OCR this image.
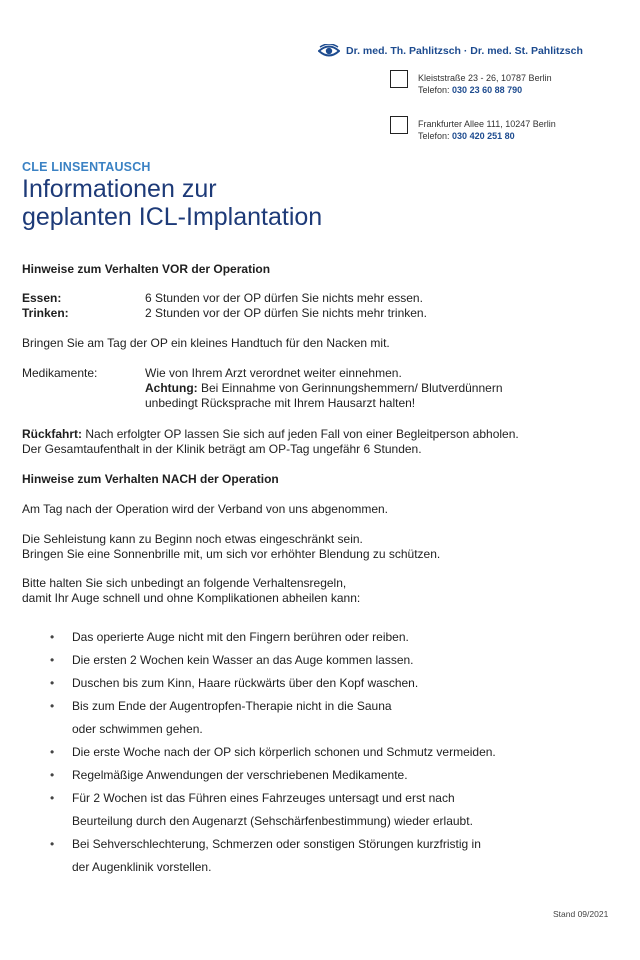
Dr. med. Th. Pahlitzsch · Dr. med. St. Pahlitzsch
Kleiststraße 23 - 26, 10787 Berlin
Telefon: 030 23 60 88 790
Frankfurter Allee 111, 10247 Berlin
Telefon: 030 420 251 80
CLE LINSENTAUSCH
Informationen zur
geplanten ICL-Implantation
Hinweise zum Verhalten VOR der Operation
Essen:	6 Stunden vor der OP dürfen Sie nichts mehr essen.
Trinken:	2 Stunden vor der OP dürfen Sie nichts mehr trinken.
Bringen Sie am Tag der OP ein kleines Handtuch für den Nacken mit.
Medikamente:	Wie von Ihrem Arzt verordnet weiter einnehmen.
Achtung: Bei Einnahme von Gerinnungshemmern/ Blutverdünnern
unbedingt Rücksprache mit Ihrem Hausarzt halten!
Rückfahrt: Nach erfolgter OP lassen Sie sich auf jeden Fall von einer Begleitperson abholen.
Der Gesamtaufenthalt in der Klinik beträgt am OP-Tag ungefähr 6 Stunden.
Hinweise zum Verhalten NACH der Operation
Am Tag nach der Operation wird der Verband von uns abgenommen.
Die Sehleistung kann zu Beginn noch etwas eingeschränkt sein.
Bringen Sie eine Sonnenbrille mit, um sich vor erhöhter Blendung zu schützen.
Bitte halten Sie sich unbedingt an folgende Verhaltensregeln,
damit Ihr Auge schnell und ohne Komplikationen abheilen kann:
• Das operierte Auge nicht mit den Fingern berühren oder reiben.
• Die ersten 2 Wochen kein Wasser an das Auge kommen lassen.
• Duschen bis zum Kinn, Haare rückwärts über den Kopf waschen.
• Bis zum Ende der Augentropfen-Therapie nicht in die Sauna
oder schwimmen gehen.
• Die erste Woche nach der OP sich körperlich schonen und Schmutz vermeiden.
• Regelmäßige Anwendungen der verschriebenen Medikamente.
• Für 2 Wochen ist das Führen eines Fahrzeuges untersagt und erst nach
Beurteilung durch den Augenarzt (Sehschärfenbestimmung) wieder erlaubt.
• Bei Sehverschlechterung, Schmerzen oder sonstigen Störungen kurzfristig in
der Augenklinik vorstellen.
Stand 09/2021
